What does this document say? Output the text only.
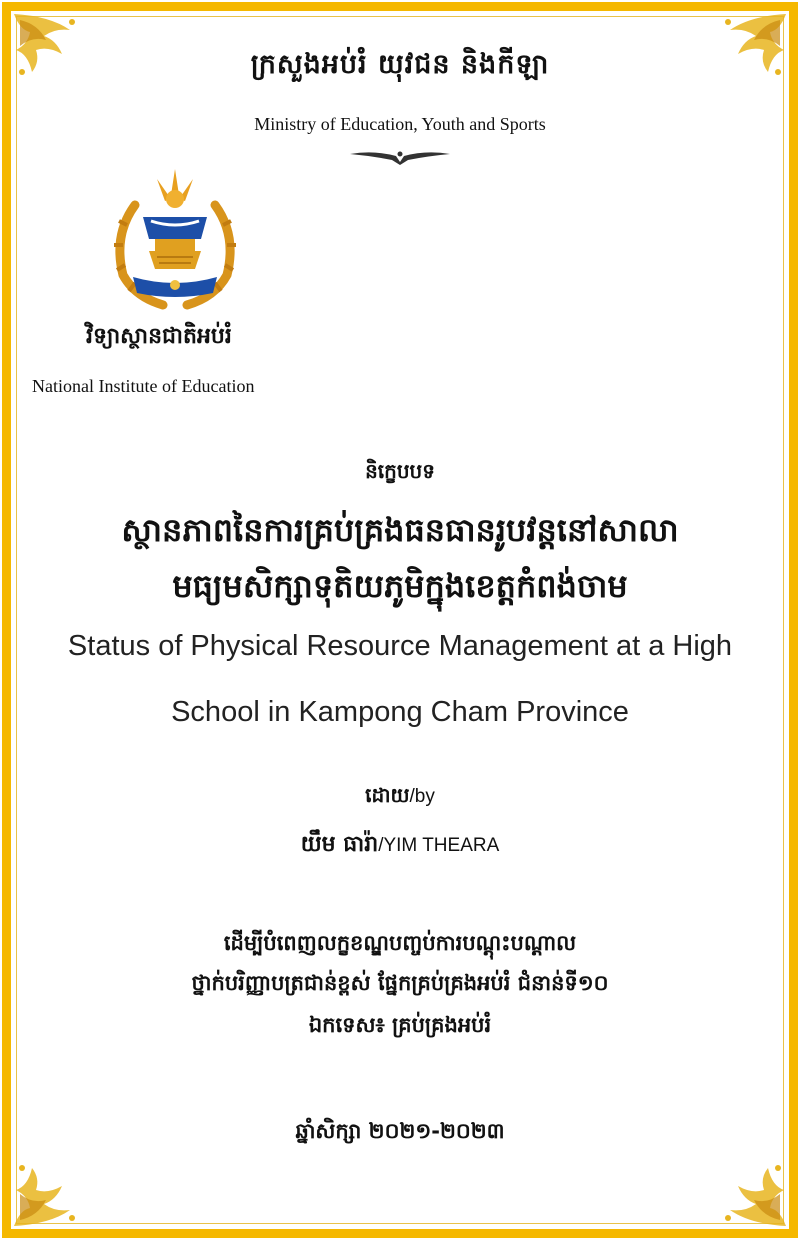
ក្រសួងអប់រំ យុវជន និងកីឡា
Ministry of Education, Youth and Sports
វិទ្យាស្ថានជាតិអប់រំ
National Institute of Education
និក្ខេបបទ
ស្ថានភាពនៃការគ្រប់គ្រងធនធានរូបវន្តនៅសាលា
មធ្យមសិក្សាទុតិយភូមិក្នុងខេត្តកំពង់ចាម
Status of Physical Resource Management at a High
School in Kampong Cham Province
ដោយ/by
យឹម ធារ៉ា/YIM THEARA
ដើម្បីបំពេញលក្ខខណ្ឌបញ្ចប់ការបណ្តុះបណ្តាល
ថ្នាក់បរិញ្ញាបត្រជាន់ខ្ពស់ ផ្នែកគ្រប់គ្រងអប់រំ ជំនាន់ទី១០
ឯកទេស៖ គ្រប់គ្រងអប់រំ
ឆ្នាំសិក្សា ២០២១-២០២៣
